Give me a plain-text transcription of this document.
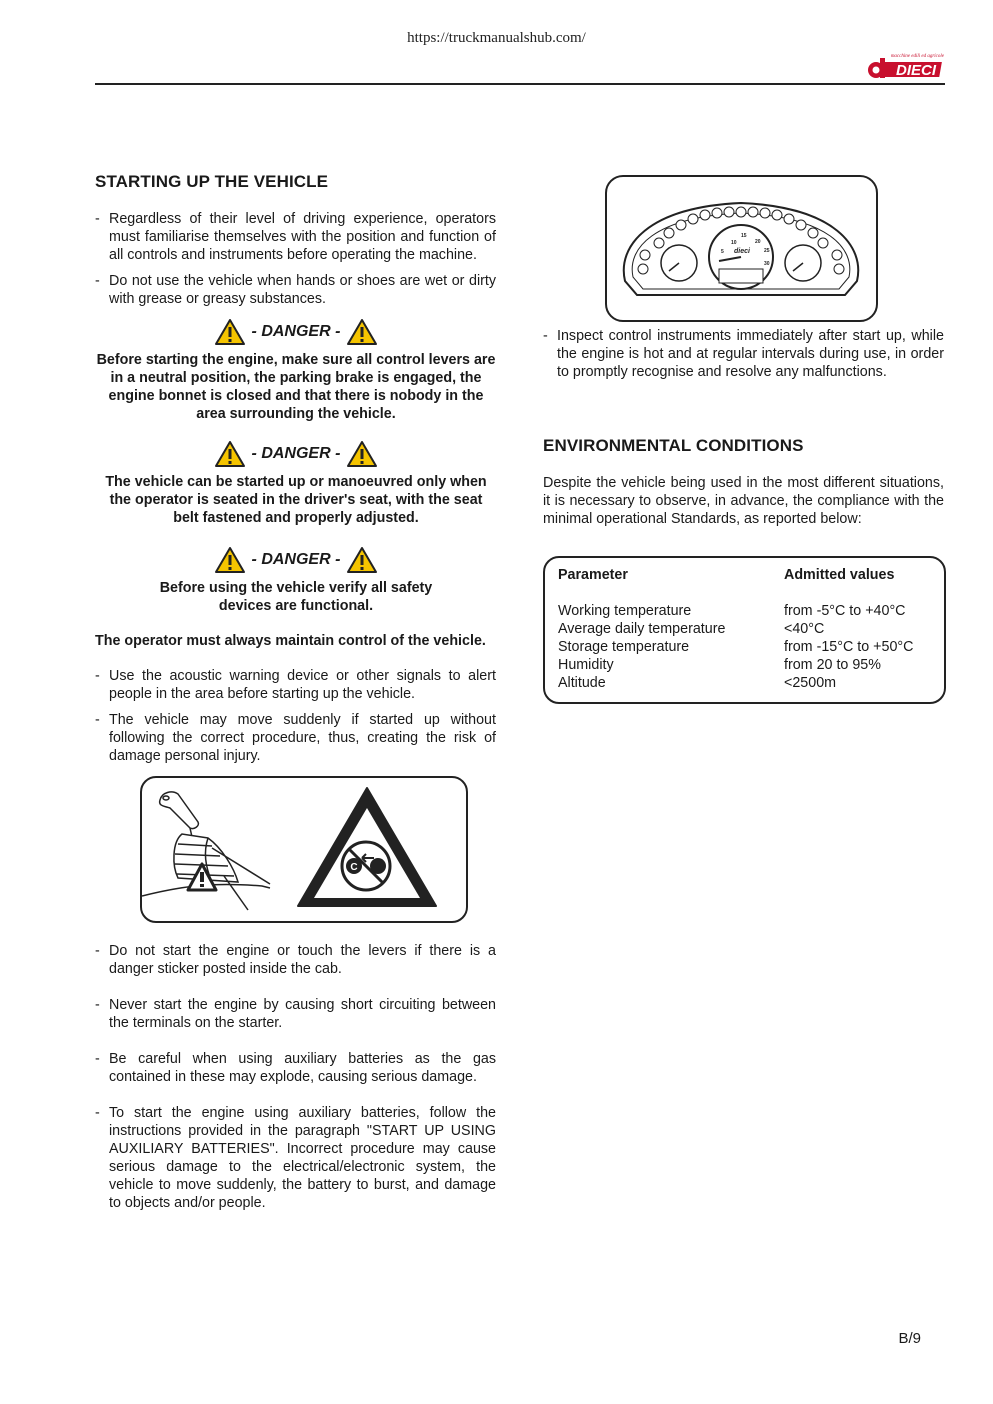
https://truckmanualshub.com/
macchine edili ed agricole
DIECI
STARTING UP THE VEHICLE
- Regardless of their level of driving experience, operators must familiarise themselves with the position and function of all controls and instruments before operating the machine.
- Do not use the vehicle when hands or shoes are wet or dirty with grease or greasy substances.
- DANGER -
Before starting the engine, make sure all control levers are in a neutral position, the parking brake is engaged, the engine bonnet is closed and that there is nobody in the area surrounding the vehicle.
- DANGER -
The vehicle can be started up or manoeuvred only when the operator is seated in the driver's seat, with the seat belt fastened and properly adjusted.
- DANGER -
Before using the vehicle verify all safety devices are functional.
The operator must always maintain control of the vehicle.
- Use the acoustic warning device or other signals to alert people in the area before starting up the vehicle.
- The vehicle may move suddenly if started up without following the correct procedure, thus, creating the risk of damage personal injury.
C
- Do not start the engine or touch the levers if there is a danger sticker posted inside the cab.
- Never start the engine by causing short circuiting between the terminals on the starter.
- Be careful when using auxiliary batteries as the gas contained in these may explode, causing serious damage.
- To start the engine using auxiliary batteries, follow the instructions provided in the paragraph "START UP USING AUXILIARY BATTERIES". Incorrect procedure may cause serious damage to the electrical/electronic system, the vehicle to move suddenly, the battery to burst, and damage to objects and/or people.
10
15
20
25
30
5 dieci
- Inspect control instruments immediately after start up, while the engine is hot and at regular intervals during use, in order to promptly recognise and resolve any malfunctions.
ENVIRONMENTAL CONDITIONS
Despite the vehicle being used in the most different situations, it is necessary to observe, in advance, the compliance with the minimal operational Standards, as reported below:
Parameter	Admitted values
Working temperature	from -5°C to +40°C
Average daily temperature	<40°C
Storage temperature	from -15°C to +50°C
Humidity	from 20 to 95%
Altitude	<2500m
B/9
